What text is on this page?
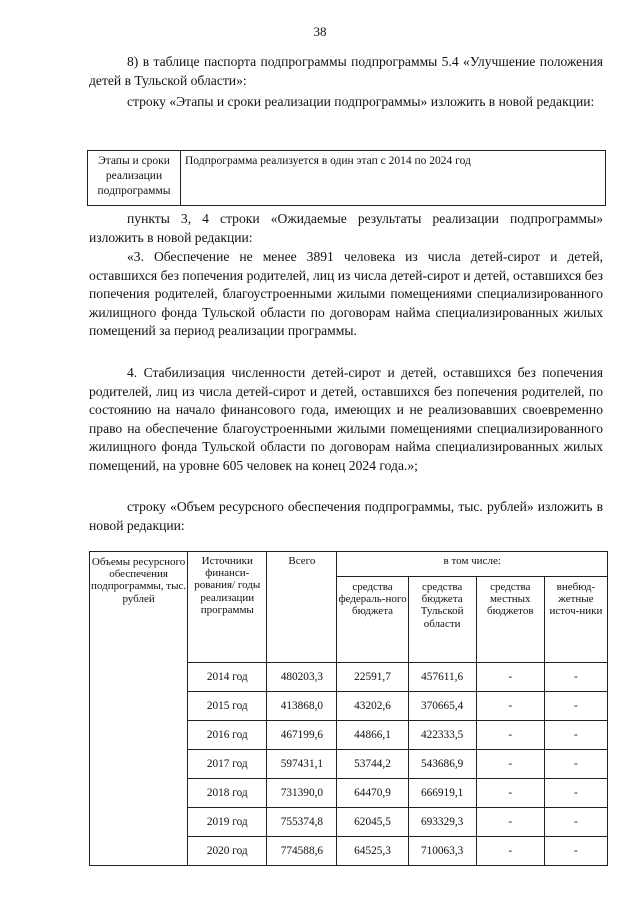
38
8) в таблице паспорта подпрограммы подпрограммы 5.4 «Улучшение положения детей в Тульской области»:
строку «Этапы и сроки реализации подпрограммы» изложить в новой редакции:
Этапы и сроки реализации подпрограммы	Подпрограмма реализуется в один этап с 2014 по 2024 год
пункты 3, 4 строки «Ожидаемые результаты реализации подпрограммы» изложить в новой редакции:
«3. Обеспечение не менее 3891 человека из числа детей-сирот и детей, оставшихся без попечения родителей, лиц из числа детей-сирот и детей, оставшихся без попечения родителей, благоустроенными жилыми помещениями специализированного жилищного фонда Тульской области по договорам найма специализированных жилых помещений за период реализации программы.
4. Стабилизация численности детей-сирот и детей, оставшихся без попечения родителей, лиц из числа детей-сирот и детей, оставшихся без попечения родителей, по состоянию на начало финансового года, имеющих и не реализовавших своевременно право на обеспечение благоустроенными жилыми помещениями специализированного жилищного фонда Тульской области по договорам найма специализированных жилых помещений, на уровне 605 человек на конец 2024 года.»;
строку «Объем ресурсного обеспечения подпрограммы, тыс. рублей» изложить в новой редакции:
Объемы ресурсного обеспечения подпрограммы, тыс. рублей	Источники финанси-рования/ годы реализации программы	Всего	в том числе:			
			средства федераль-ного бюджета	средства бюджета Тульской области	средства местных бюджетов	внебюд-жетные источ-ники
	2014 год	480203,3	22591,7	457611,6	-	-
	2015 год	413868,0	43202,6	370665,4	-	-
	2016 год	467199,6	44866,1	422333,5	-	-
	2017 год	597431,1	53744,2	543686,9	-	-
	2018 год	731390,0	64470,9	666919,1	-	-
	2019 год	755374,8	62045,5	693329,3	-	-
	2020 год	774588,6	64525,3	710063,3	-	-
